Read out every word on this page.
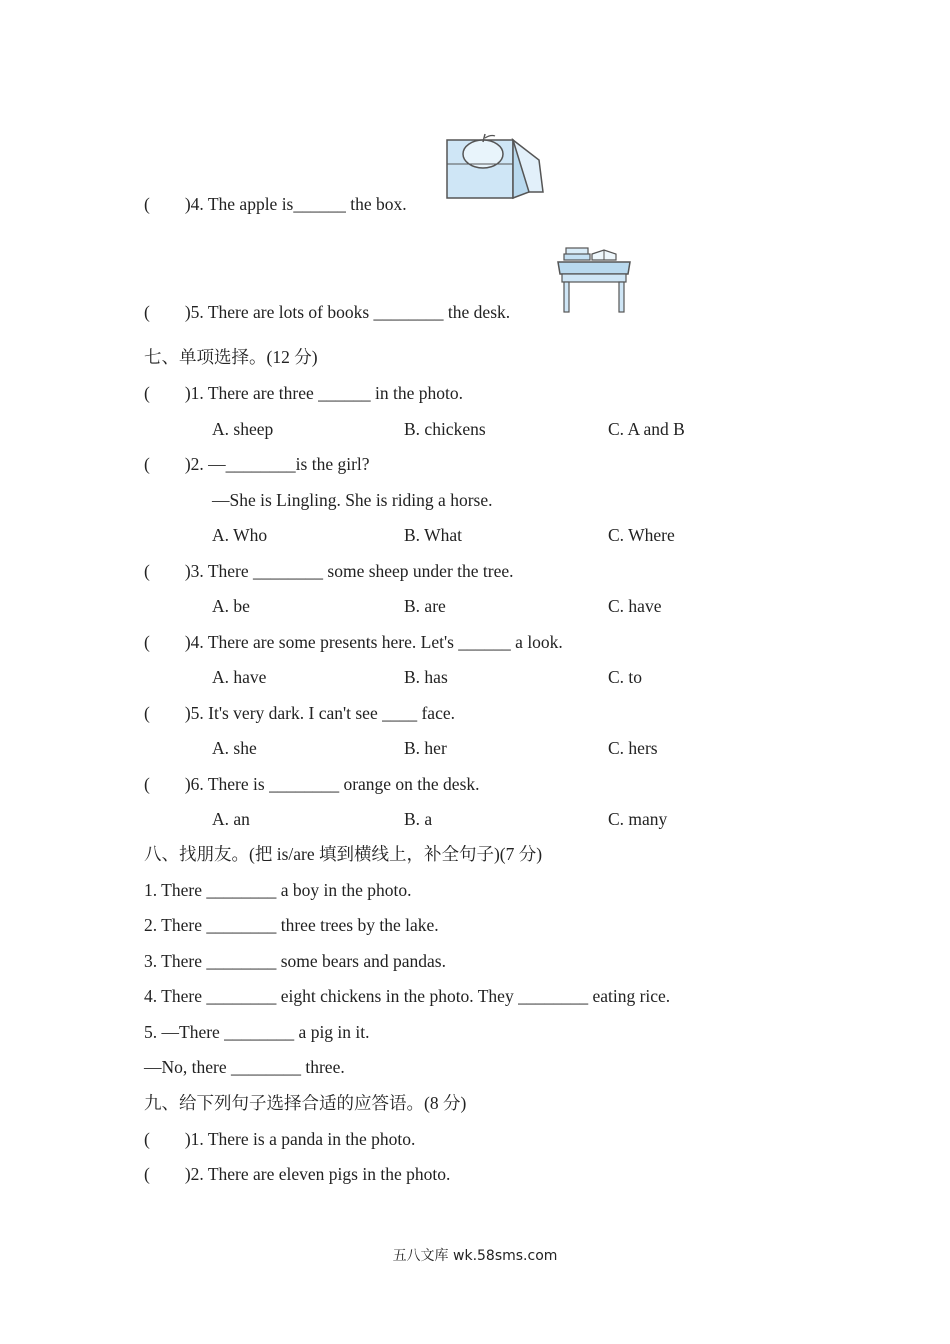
(        )4. The apple is______ the box.
(        )5. There are lots of books ________ the desk.
七、单项选择。(12 分)
(        )1. There are three ______ in the photo.
A. sheep	B. chickens	C. A and B
(        )2. —________is the girl?
—She is Lingling. She is riding a horse.
A. Who	B. What	C. Where
(        )3. There ________ some sheep under the tree.
A. be	B. are	C. have
(        )4. There are some presents here. Let's ______ a look.
A. have	B. has	C. to
(        )5. It's very dark. I can't see ____ face.
A. she	B. her	C. hers
(        )6. There is ________ orange on the desk.
A. an	B. a	C. many
八、找朋友。(把 is/are 填到横线上，补全句子)(7 分)
1. There ________ a boy in the photo.
2. There ________ three trees by the lake.
3. There ________ some bears and pandas.
4. There ________ eight chickens in the photo. They ________ eating rice.
5. —There ________ a pig in it.
—No, there ________ three.
九、给下列句子选择合适的应答语。(8 分)
(        )1. There is a panda in the photo.
(        )2. There are eleven pigs in the photo.
五八文库 wk.58sms.com
